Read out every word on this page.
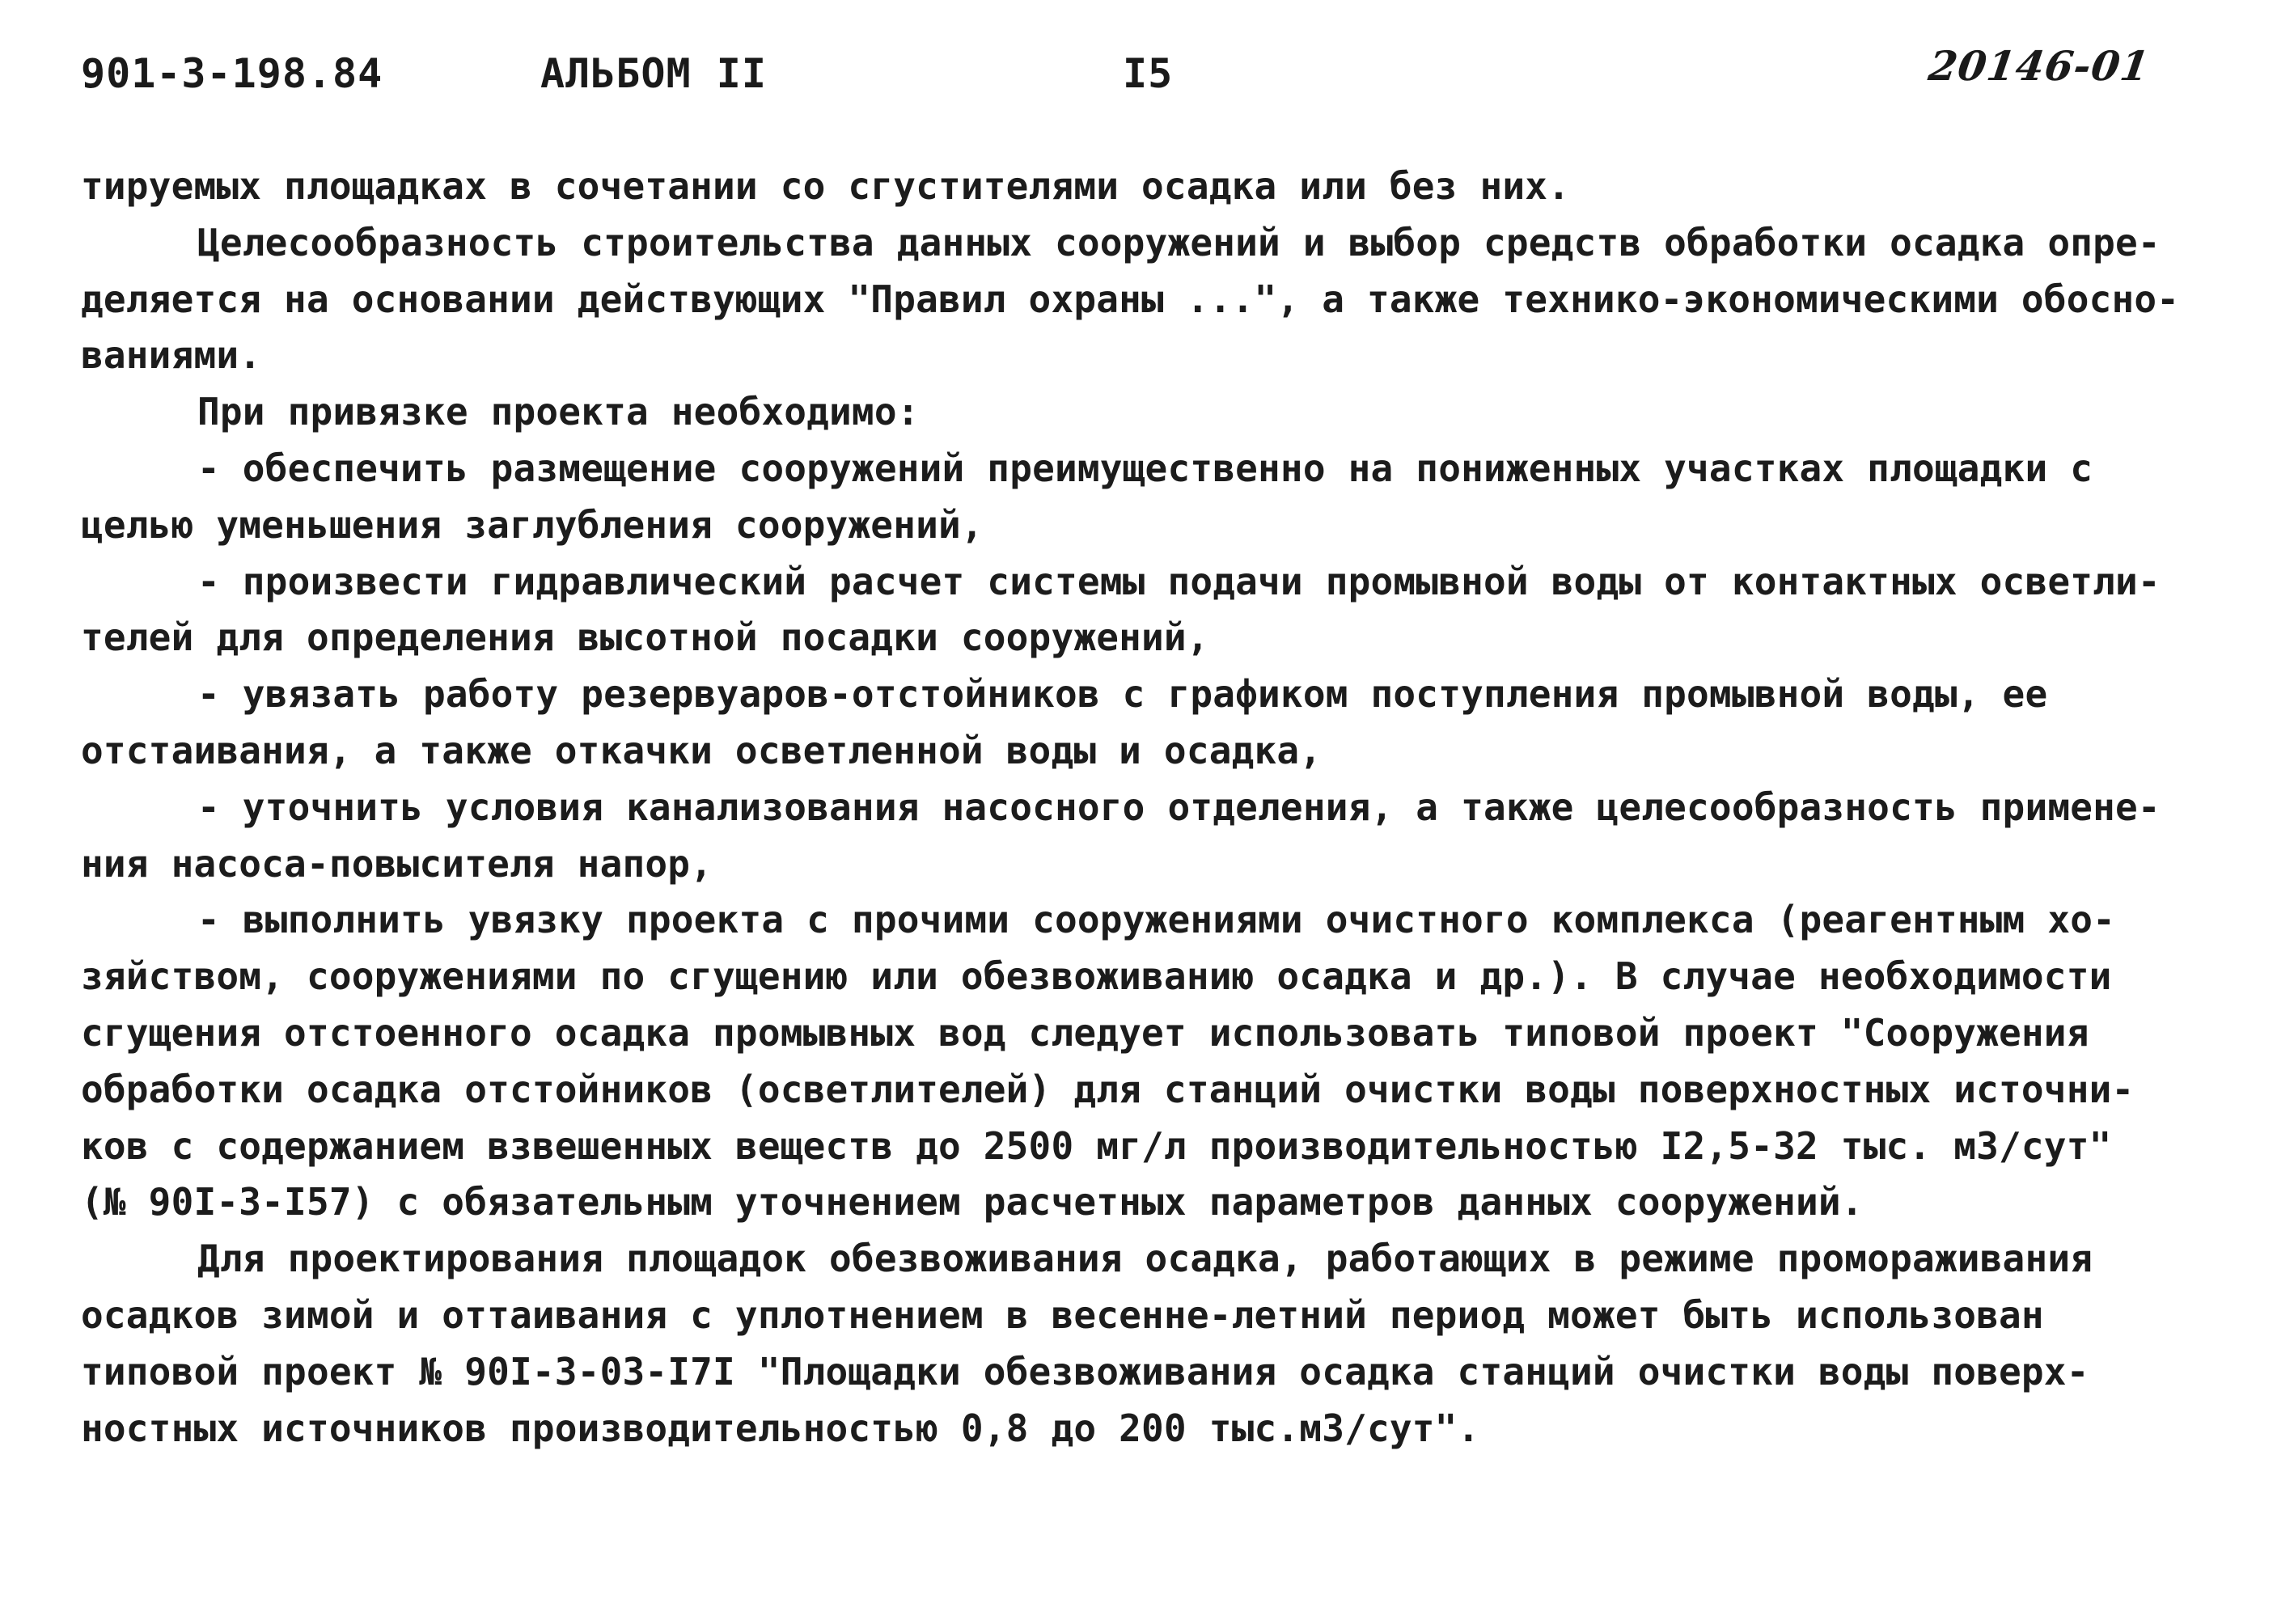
901-3-198.84	АЛЬБОМ II	I5	20146-01
тируемых площадках в сочетании со сгустителями осадка или без них.
Целесообразность строительства данных сооружений и выбор средств обработки осадка опре-
деляется на основании действующих "Правил охраны ...", а также технико-экономическими обосно-
ваниями.
При привязке проекта необходимо:
- обеспечить размещение сооружений преимущественно на пониженных участках площадки с
целью уменьшения заглубления сооружений,
- произвести гидравлический расчет системы подачи промывной воды от контактных осветли-
телей для определения высотной посадки сооружений,
- увязать работу резервуаров-отстойников с графиком поступления промывной воды, ее
отстаивания, а также откачки осветленной воды и осадка,
- уточнить условия канализования насосного отделения, а также целесообразность примене-
ния насоса-повысителя напор,
- выполнить увязку проекта с прочими сооружениями очистного комплекса (реагентным хо-
зяйством, сооружениями по сгущению или обезвоживанию осадка и др.). В случае необходимости
сгущения отстоенного осадка промывных вод следует использовать типовой проект "Сооружения
обработки осадка отстойников (осветлителей) для станций очистки воды поверхностных источни-
ков с содержанием взвешенных веществ до 2500 мг/л производительностью I2,5-32 тыс. м3/сут"
(№ 90I-3-I57) с обязательным уточнением расчетных параметров данных сооружений.
Для проектирования площадок обезвоживания осадка, работающих в режиме промораживания
осадков зимой и оттаивания с уплотнением в весенне-летний период может быть использован
типовой проект № 90I-3-03-I7I "Площадки обезвоживания осадка станций очистки воды поверх-
ностных источников производительностью 0,8 до 200 тыс.м3/сут".
